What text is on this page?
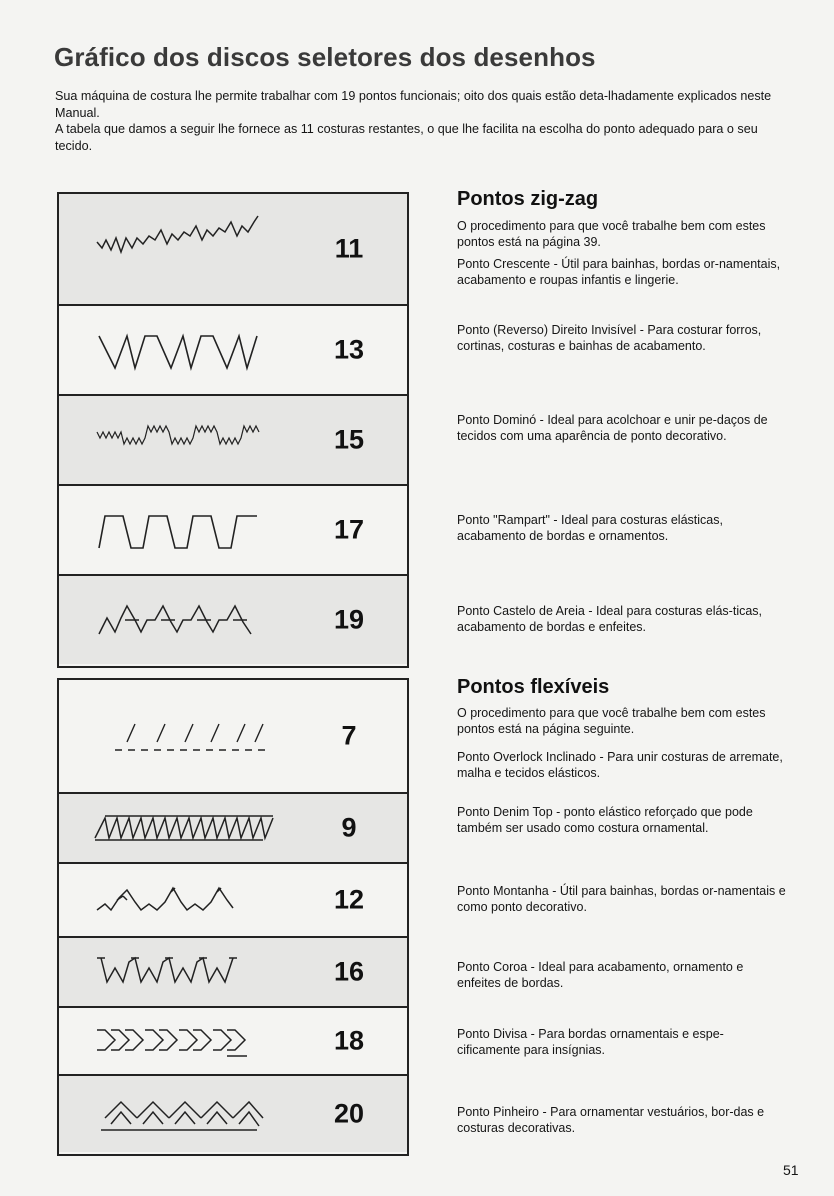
Gráfico dos discos seletores dos desenhos

Sua máquina de costura lhe permite trabalhar com 19 pontos funcionais; oito dos quais estão deta-lhadamente explicados neste Manual.

A tabela que damos a seguir lhe fornece as 11 costuras restantes, o que lhe facilita na escolha do ponto adequado para o seu tecido.

11
13
15
17
19
7
9
12
16
18
20
Pontos zig-zag

O procedimento para que você trabalhe bem com estes pontos está na página 39.

Ponto Crescente - Útil para bainhas, bordas or-namentais, acabamento e roupas infantis e lingerie.

Ponto (Reverso) Direito Invisível - Para costurar forros, cortinas, costuras e bainhas de acabamento.

Ponto Dominó - Ideal para acolchoar e unir pe-daços de tecidos com uma aparência de ponto decorativo.

Ponto "Rampart" - Ideal para costuras elásticas, acabamento de bordas e ornamentos.

Ponto Castelo de Areia - Ideal para costuras elás-ticas, acabamento de bordas e enfeites.

Pontos flexíveis

O procedimento para que você trabalhe bem com estes pontos está na página seguinte.

Ponto Overlock Inclinado - Para unir costuras de arremate, malha e tecidos elásticos.

Ponto Denim Top - ponto elástico reforçado que pode também ser usado como costura ornamental.

Ponto Montanha - Útil para bainhas, bordas or-namentais e como ponto decorativo.

Ponto Coroa - Ideal para acabamento, ornamento e enfeites de bordas.

Ponto Divisa - Para bordas ornamentais e espe-cificamente para insígnias.

Ponto Pinheiro - Para ornamentar vestuários, bor-das e costuras decorativas.

51
